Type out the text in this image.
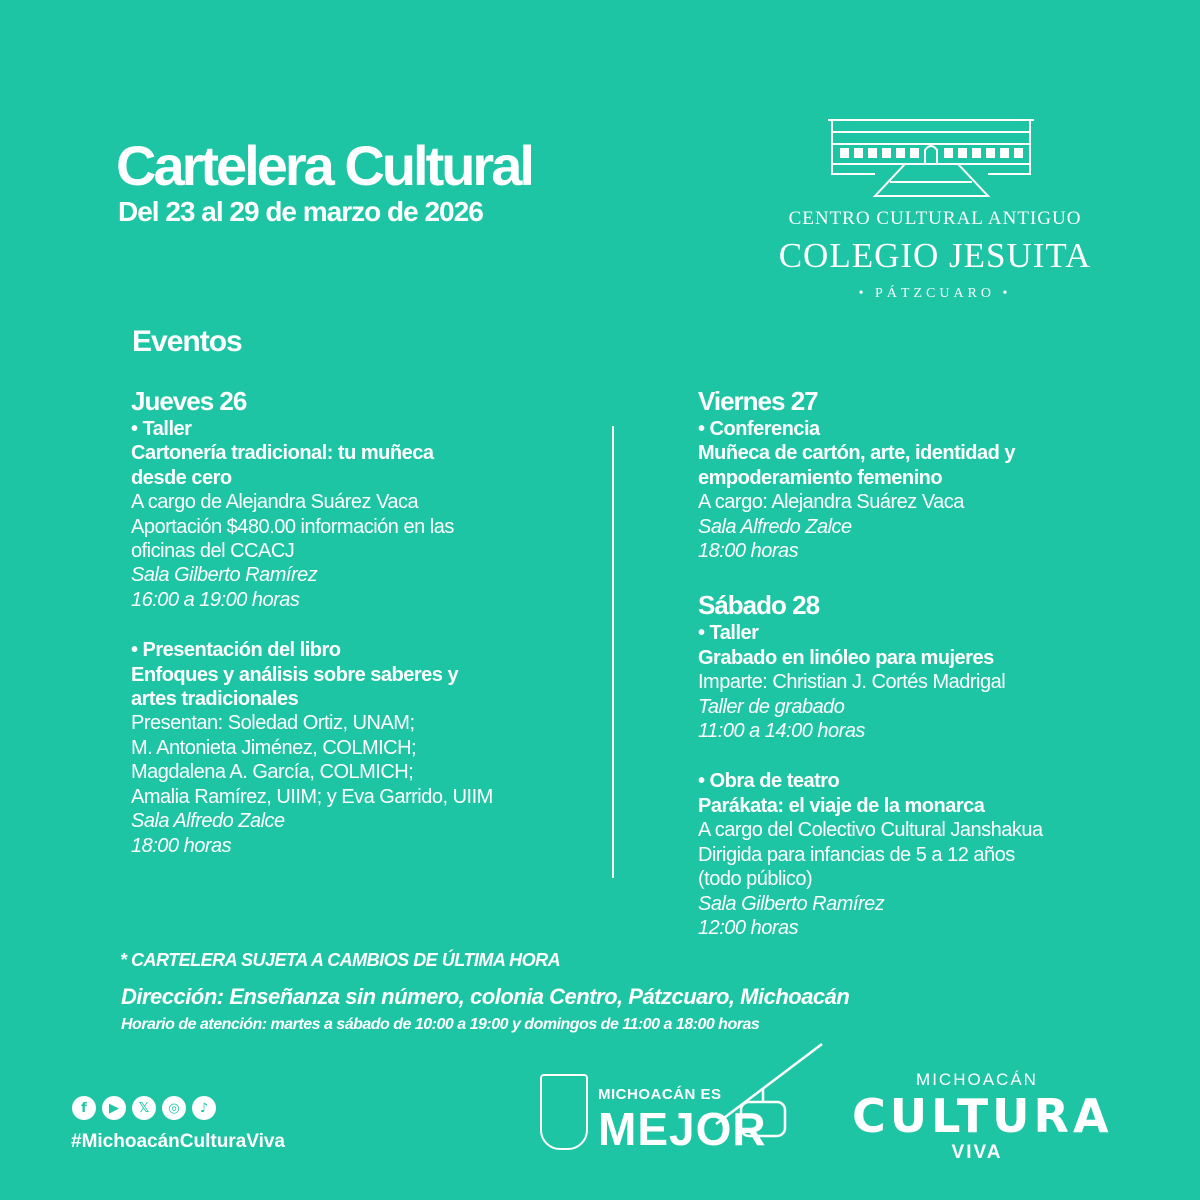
Cartelera Cultural
Del 23 al 29 de marzo de 2026	CENTRO CULTURAL ANTIGUO
COLEGIO JESUITA
• PÁTZCUARO •
Eventos
Jueves 26
• Taller
Cartonería tradicional: tu muñeca
desde cero
A cargo de Alejandra Suárez Vaca
Aportación $480.00 información en las
oficinas del CCACJ
Sala Gilberto Ramírez
16:00 a 19:00 horas
• Presentación del libro
Enfoques y análisis sobre saberes y
artes tradicionales
Presentan: Soledad Ortiz, UNAM;
M. Antonieta Jiménez, COLMICH;
Magdalena A. García, COLMICH;
Amalia Ramírez, UIIM; y Eva Garrido, UIIM
Sala Alfredo Zalce
18:00 horas
Viernes 27
• Conferencia
Muñeca de cartón, arte, identidad y
empoderamiento femenino
A cargo: Alejandra Suárez Vaca
Sala Alfredo Zalce
18:00 horas
Sábado 28
• Taller
Grabado en linóleo para mujeres
Imparte: Christian J. Cortés Madrigal
Taller de grabado
11:00 a 14:00 horas
• Obra de teatro
Parákata: el viaje de la monarca
A cargo del Colectivo Cultural Janshakua
Dirigida para infancias de 5 a 12 años
(todo público)
Sala Gilberto Ramírez
12:00 horas
* CARTELERA SUJETA A CAMBIOS DE ÚLTIMA HORA
Dirección: Enseñanza sin número, colonia Centro, Pátzcuaro, Michoacán
Horario de atención: martes a sábado de 10:00 a 19:00 y domingos de 11:00 a 18:00 horas
f	▶	𝕏	◎	♪
#MichoacánCulturaViva
MICHOACÁN ES
MEJOR
MICHOACÁN
CULTURA
VIVA
